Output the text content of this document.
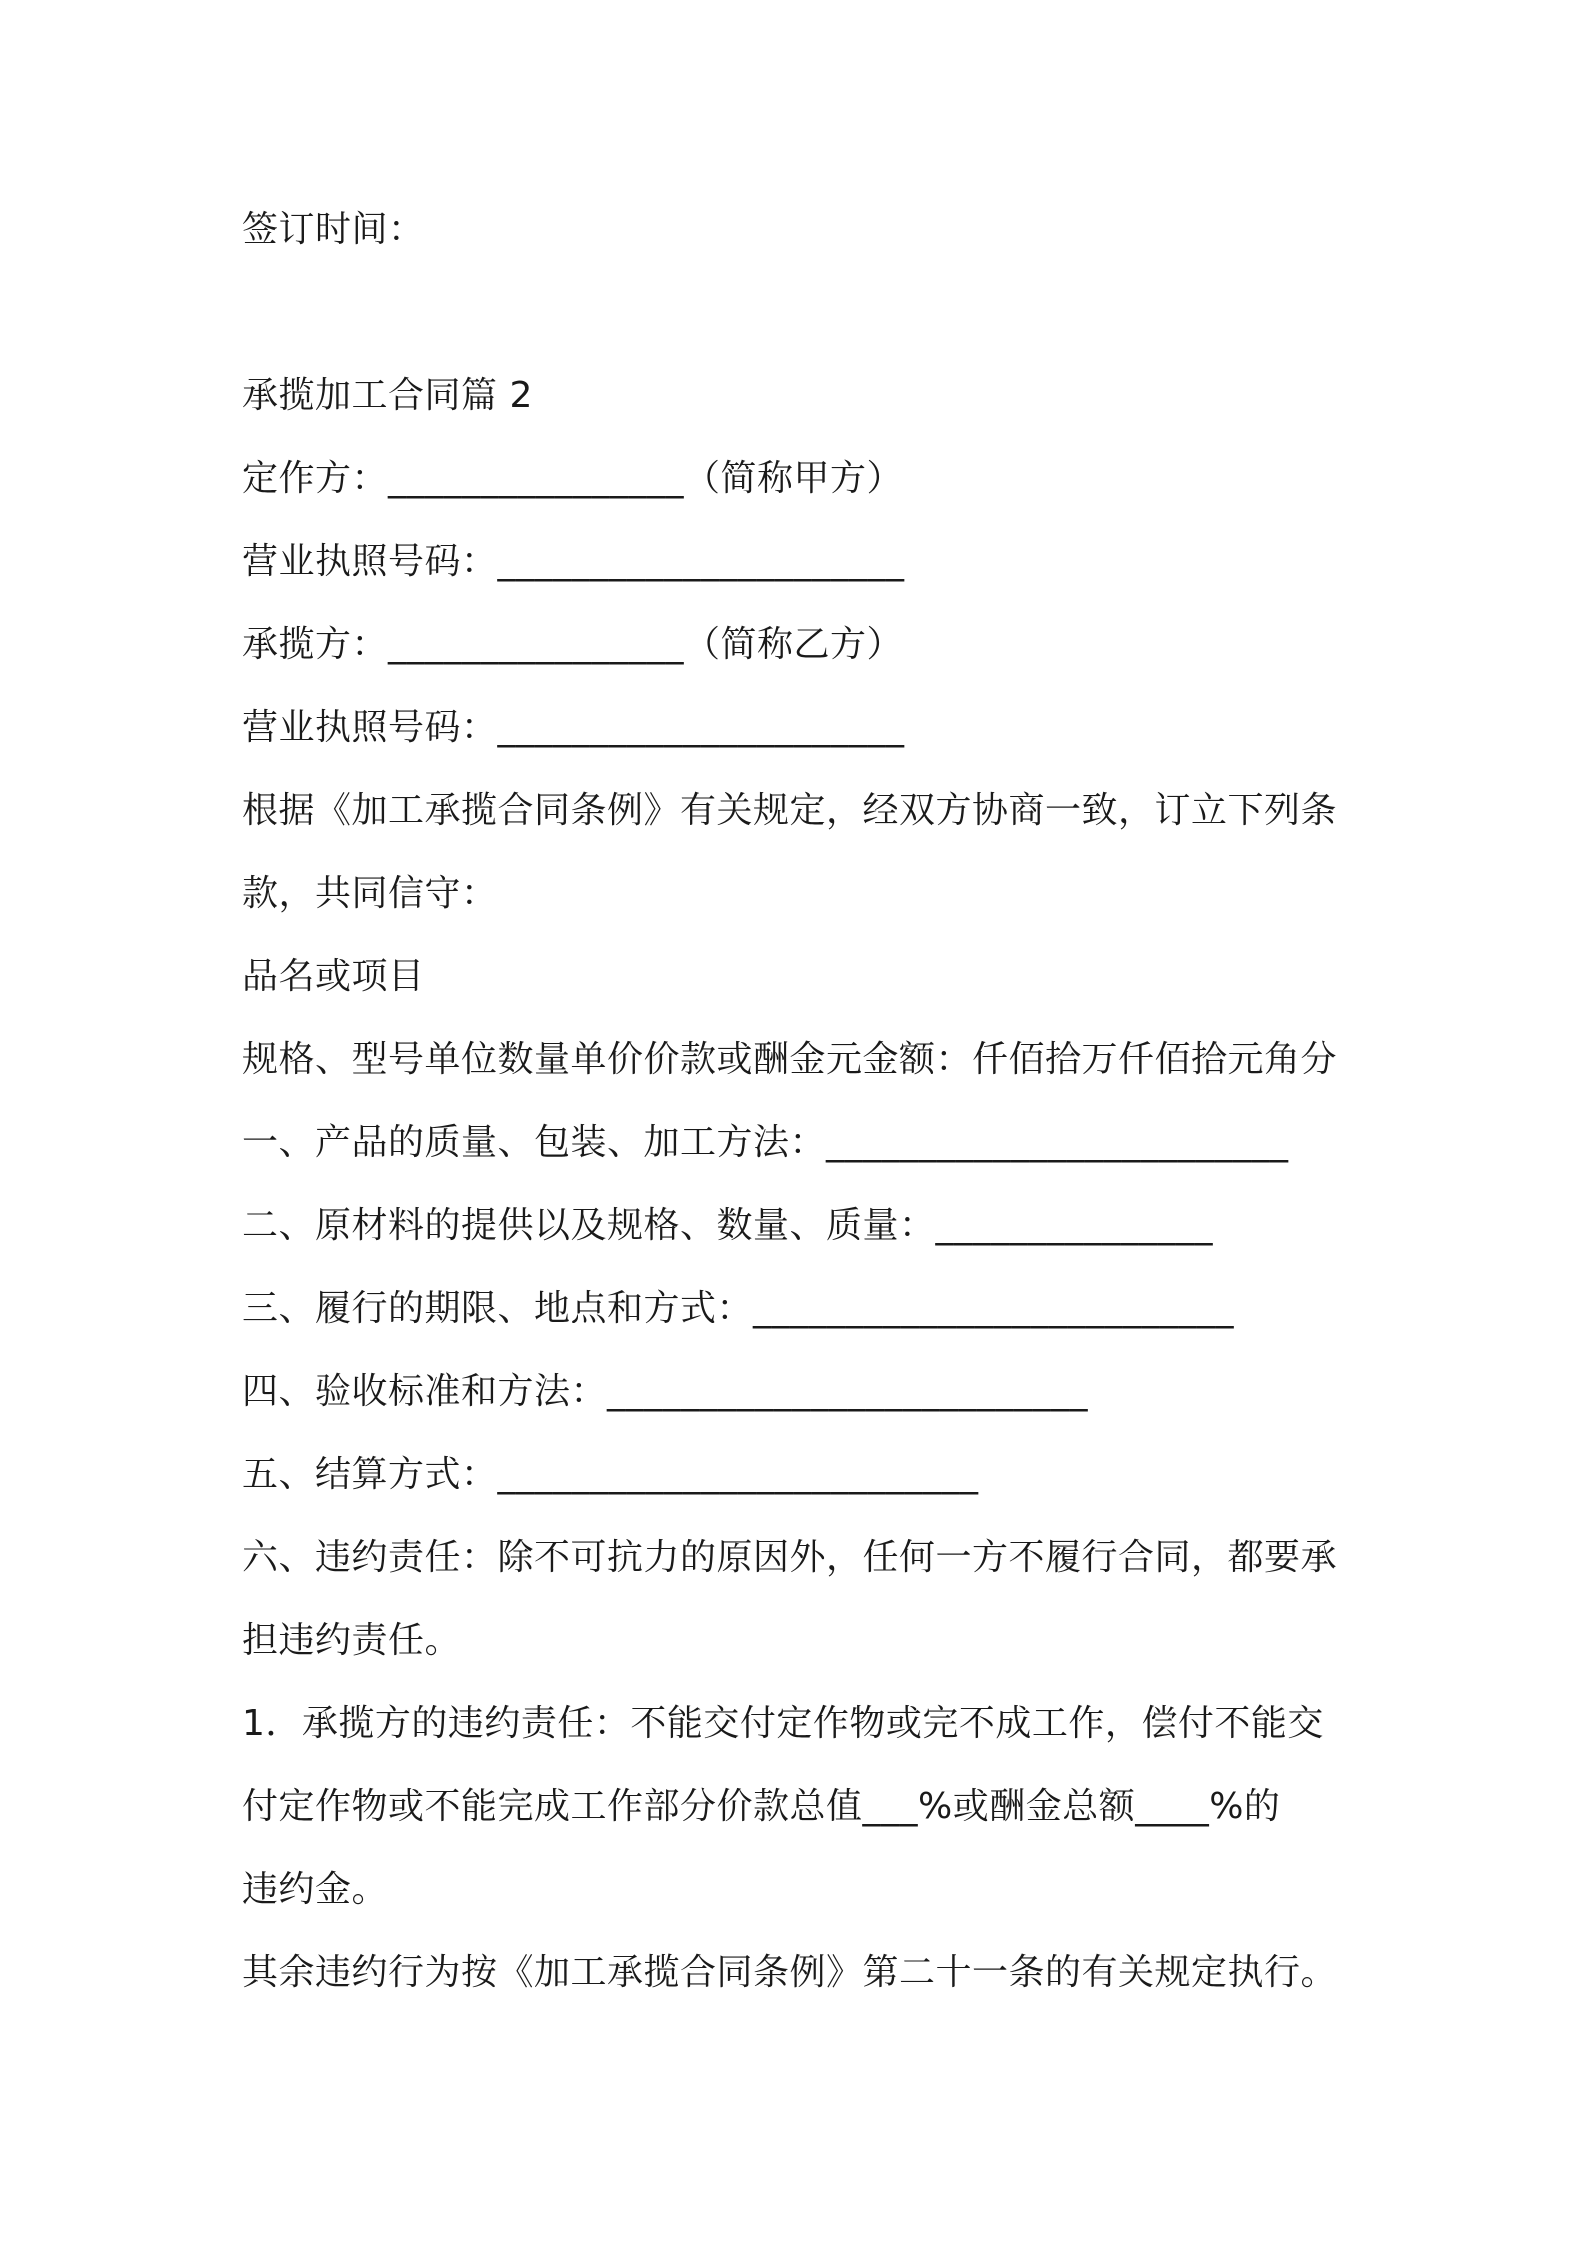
签订时间：
承揽加工合同篇 2
定作方：________________（简称甲方）
营业执照号码：______________________
承揽方：________________（简称乙方）
营业执照号码：______________________
根据《加工承揽合同条例》有关规定，经双方协商一致，订立下列条
款，共同信守：
品名或项目
规格、型号单位数量单价价款或酬金元金额：仟佰拾万仟佰拾元角分
一、产品的质量、包装、加工方法：_________________________
二、原材料的提供以及规格、数量、质量：_______________
三、履行的期限、地点和方式：__________________________
四、验收标准和方法：__________________________
五、结算方式：__________________________
六、违约责任：除不可抗力的原因外，任何一方不履行合同，都要承
担违约责任。
1．承揽方的违约责任：不能交付定作物或完不成工作，偿付不能交
付定作物或不能完成工作部分价款总值___%或酬金总额____%的
违约金。
其余违约行为按《加工承揽合同条例》第二十一条的有关规定执行。
